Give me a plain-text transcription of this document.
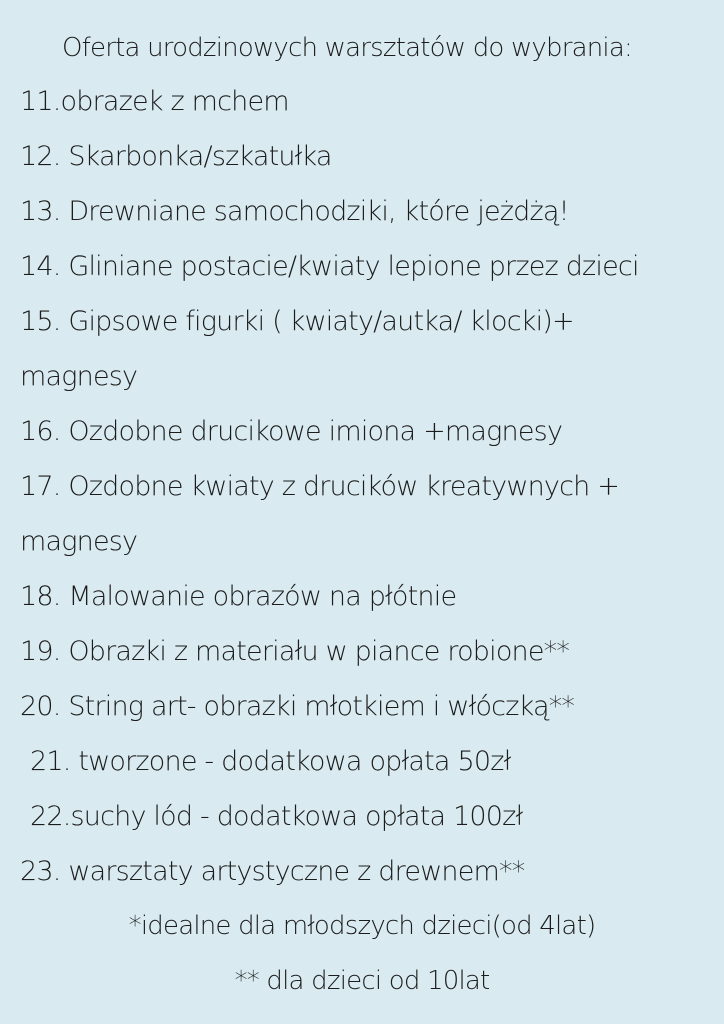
Oferta urodzinowych warsztatów do wybrania:
11.obrazek z mchem
12. Skarbonka/szkatułka
13. Drewniane samochodziki, które jeżdżą!
14. Gliniane postacie/kwiaty lepione przez dzieci
15. Gipsowe figurki ( kwiaty/autka/ klocki)+
magnesy
16. Ozdobne drucikowe imiona +magnesy
17. Ozdobne kwiaty z drucików kreatywnych +
magnesy
18. Malowanie obrazów na płótnie
19. Obrazki z materiału w piance robione**
20. String art- obrazki młotkiem i włóczką**
21. tworzone - dodatkowa opłata 50zł
22.suchy lód - dodatkowa opłata 100zł
23. warsztaty artystyczne z drewnem**
*idealne dla młodszych dzieci(od 4lat)
** dla dzieci od 10lat
